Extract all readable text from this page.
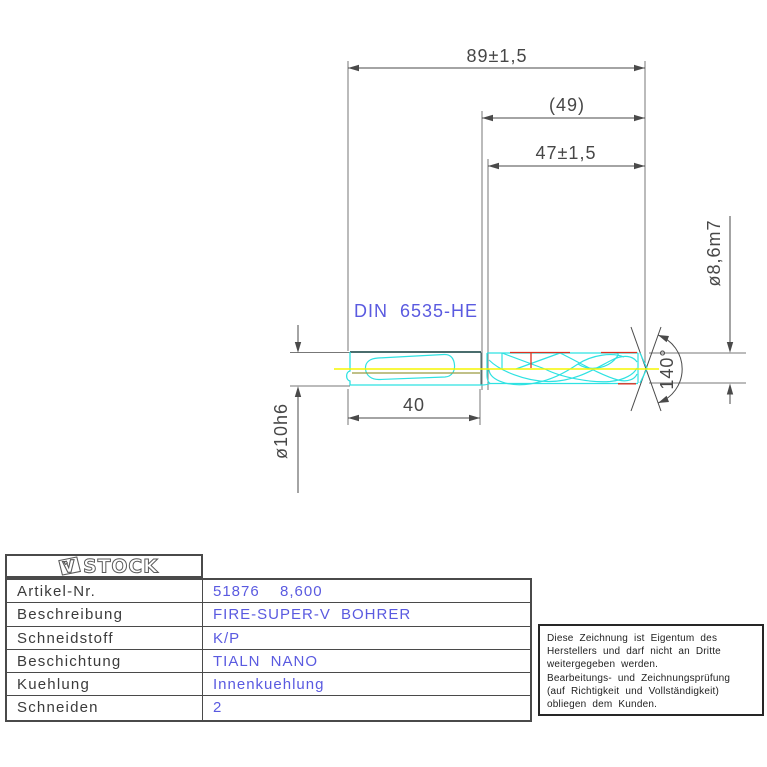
89±1,5
(49)
47±1,5
ø8,6m7
DIN 6535-HE
40
ø10h6
140°
STOCK
Artikel-Nr.	51876  8,600
Beschreibung	FIRE-SUPER-V BOHRER
Schneidstoff	K/P
Beschichtung	TIALN NANO
Kuehlung	Innenkuehlung
Schneiden	2
Diese Zeichnung ist Eigentum des
Herstellers und darf nicht an Dritte
weitergegeben werden.
Bearbeitungs- und Zeichnungsprüfung
(auf Richtigkeit und Vollständigkeit)
obliegen dem Kunden.
